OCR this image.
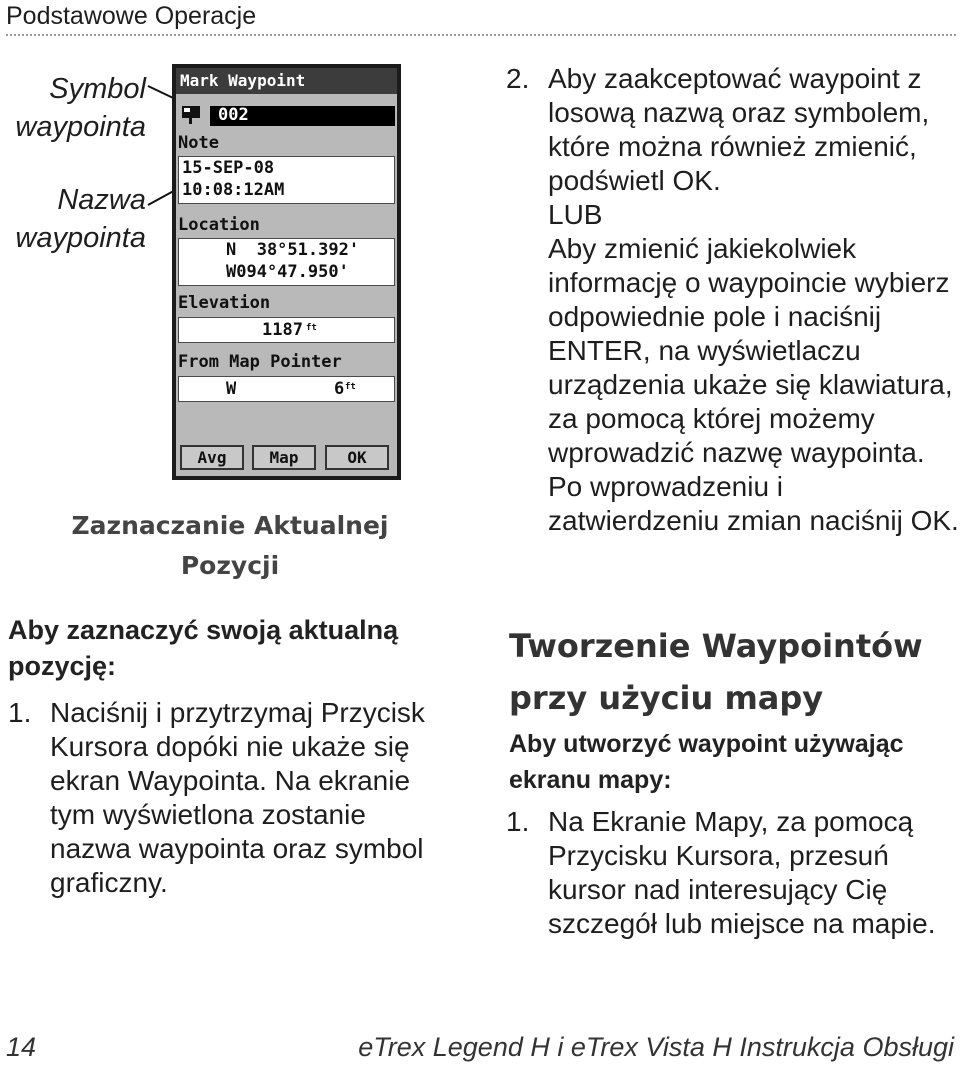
Podstawowe Operacje
Symbol
waypointa
Nazwa
waypointa
Mark Waypoint
002
Note
15-SEP-08
10:08:12AM
Location
N  38°51.392'
W094°47.950'
Elevation
1187 ft
From Map Pointer
W	6 ft
Avg	Map	OK
Zaznaczanie Aktualnej Pozycji
Aby zaznaczyć swoją aktualną pozycję:
1. Naciśnij i przytrzymaj Przycisk Kursora dopóki nie ukaże się ekran Waypointa. Na ekranie tym wyświetlona zostanie nazwa waypointa oraz symbol graficzny.
2. Aby zaakceptować waypoint z losową nazwą oraz symbolem, które można również zmienić, podświetl OK.
LUB
Aby zmienić jakiekolwiek informację o waypoincie wybierz odpowiednie pole i naciśnij ENTER, na wyświetlaczu urządzenia ukaże się klawiatura, za pomocą której możemy wprowadzić nazwę waypointa. Po wprowadzeniu i zatwierdzeniu zmian naciśnij OK.
Tworzenie Waypointów przy użyciu mapy
Aby utworzyć waypoint używając ekranu mapy:
1. Na Ekranie Mapy, za pomocą Przycisku Kursora, przesuń kursor nad interesujący Cię szczegół lub miejsce na mapie.
14	eTrex Legend H i eTrex Vista H Instrukcja Obsługi
